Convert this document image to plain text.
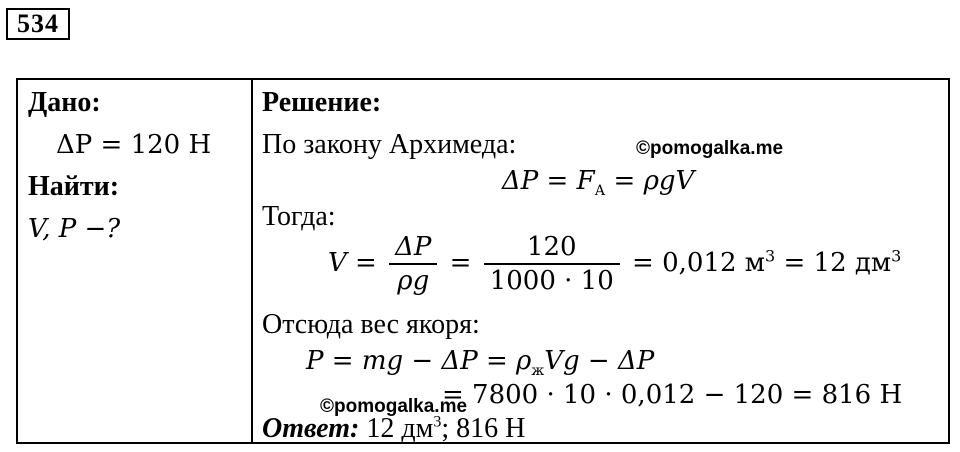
534
Дано:
ΔP = 120 Н
Найти:
V, P −?
Решение:
По закону Архимеда:
$\Delta P = F_А = \rho gV$
Тогда:
$V = \frac{\Delta P}{\rho g} = \frac{120}{1000 \cdot 10} = 0,012$ $м^3 = 12$ $дм^3$
Отсюда вес якоря:
P = mg − $\Delta P = \rho_жVg - \Delta P$
= 7800 · 10 · 0,012 − 120 = 816 Н
Ответ: 12 $дм^3$; 816 Н
©pomogalka.me
©pomogalka.me
